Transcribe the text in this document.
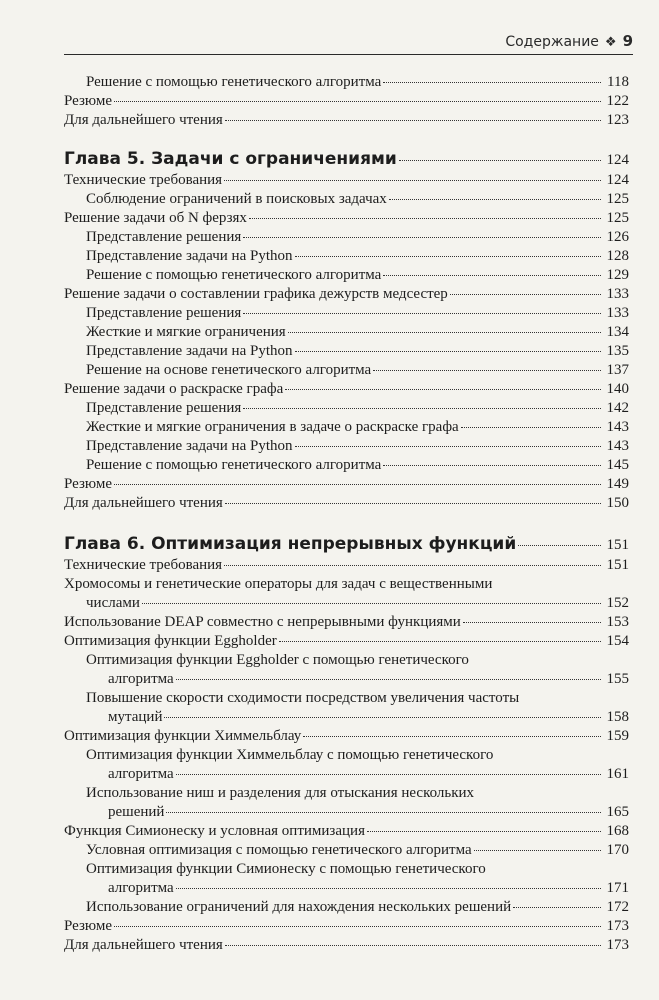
Содержание ❖ 9
Решение с помощью генетического алгоритма	118
Резюме	122
Для дальнейшего чтения	123
Глава 5. Задачи с ограничениями	124
Технические требования	124
Соблюдение ограничений в поисковых задачах	125
Решение задачи об N ферзях	125
Представление решения	126
Представление задачи на Python	128
Решение с помощью генетического алгоритма	129
Решение задачи о составлении графика дежурств медсестер	133
Представление решения	133
Жесткие и мягкие ограничения	134
Представление задачи на Python	135
Решение на основе генетического алгоритма	137
Решение задачи о раскраске графа	140
Представление решения	142
Жесткие и мягкие ограничения в задаче о раскраске графа	143
Представление задачи на Python	143
Решение с помощью генетического алгоритма	145
Резюме	149
Для дальнейшего чтения	150
Глава 6. Оптимизация непрерывных функций	151
Технические требования	151
Хромосомы и генетические операторы для задач с вещественными
числами	152
Использование DEAP совместно с непрерывными функциями	153
Оптимизация функции Eggholder	154
Оптимизация функции Eggholder с помощью генетического
алгоритма	155
Повышение скорости сходимости посредством увеличения частоты
мутаций	158
Оптимизация функции Химмельблау	159
Оптимизация функции Химмельблау с помощью генетического
алгоритма	161
Использование ниш и разделения для отыскания нескольких
решений	165
Функция Симионеску и условная оптимизация	168
Условная оптимизация с помощью генетического алгоритма	170
Оптимизация функции Симионеску с помощью генетического
алгоритма	171
Использование ограничений для нахождения нескольких решений	172
Резюме	173
Для дальнейшего чтения	173
